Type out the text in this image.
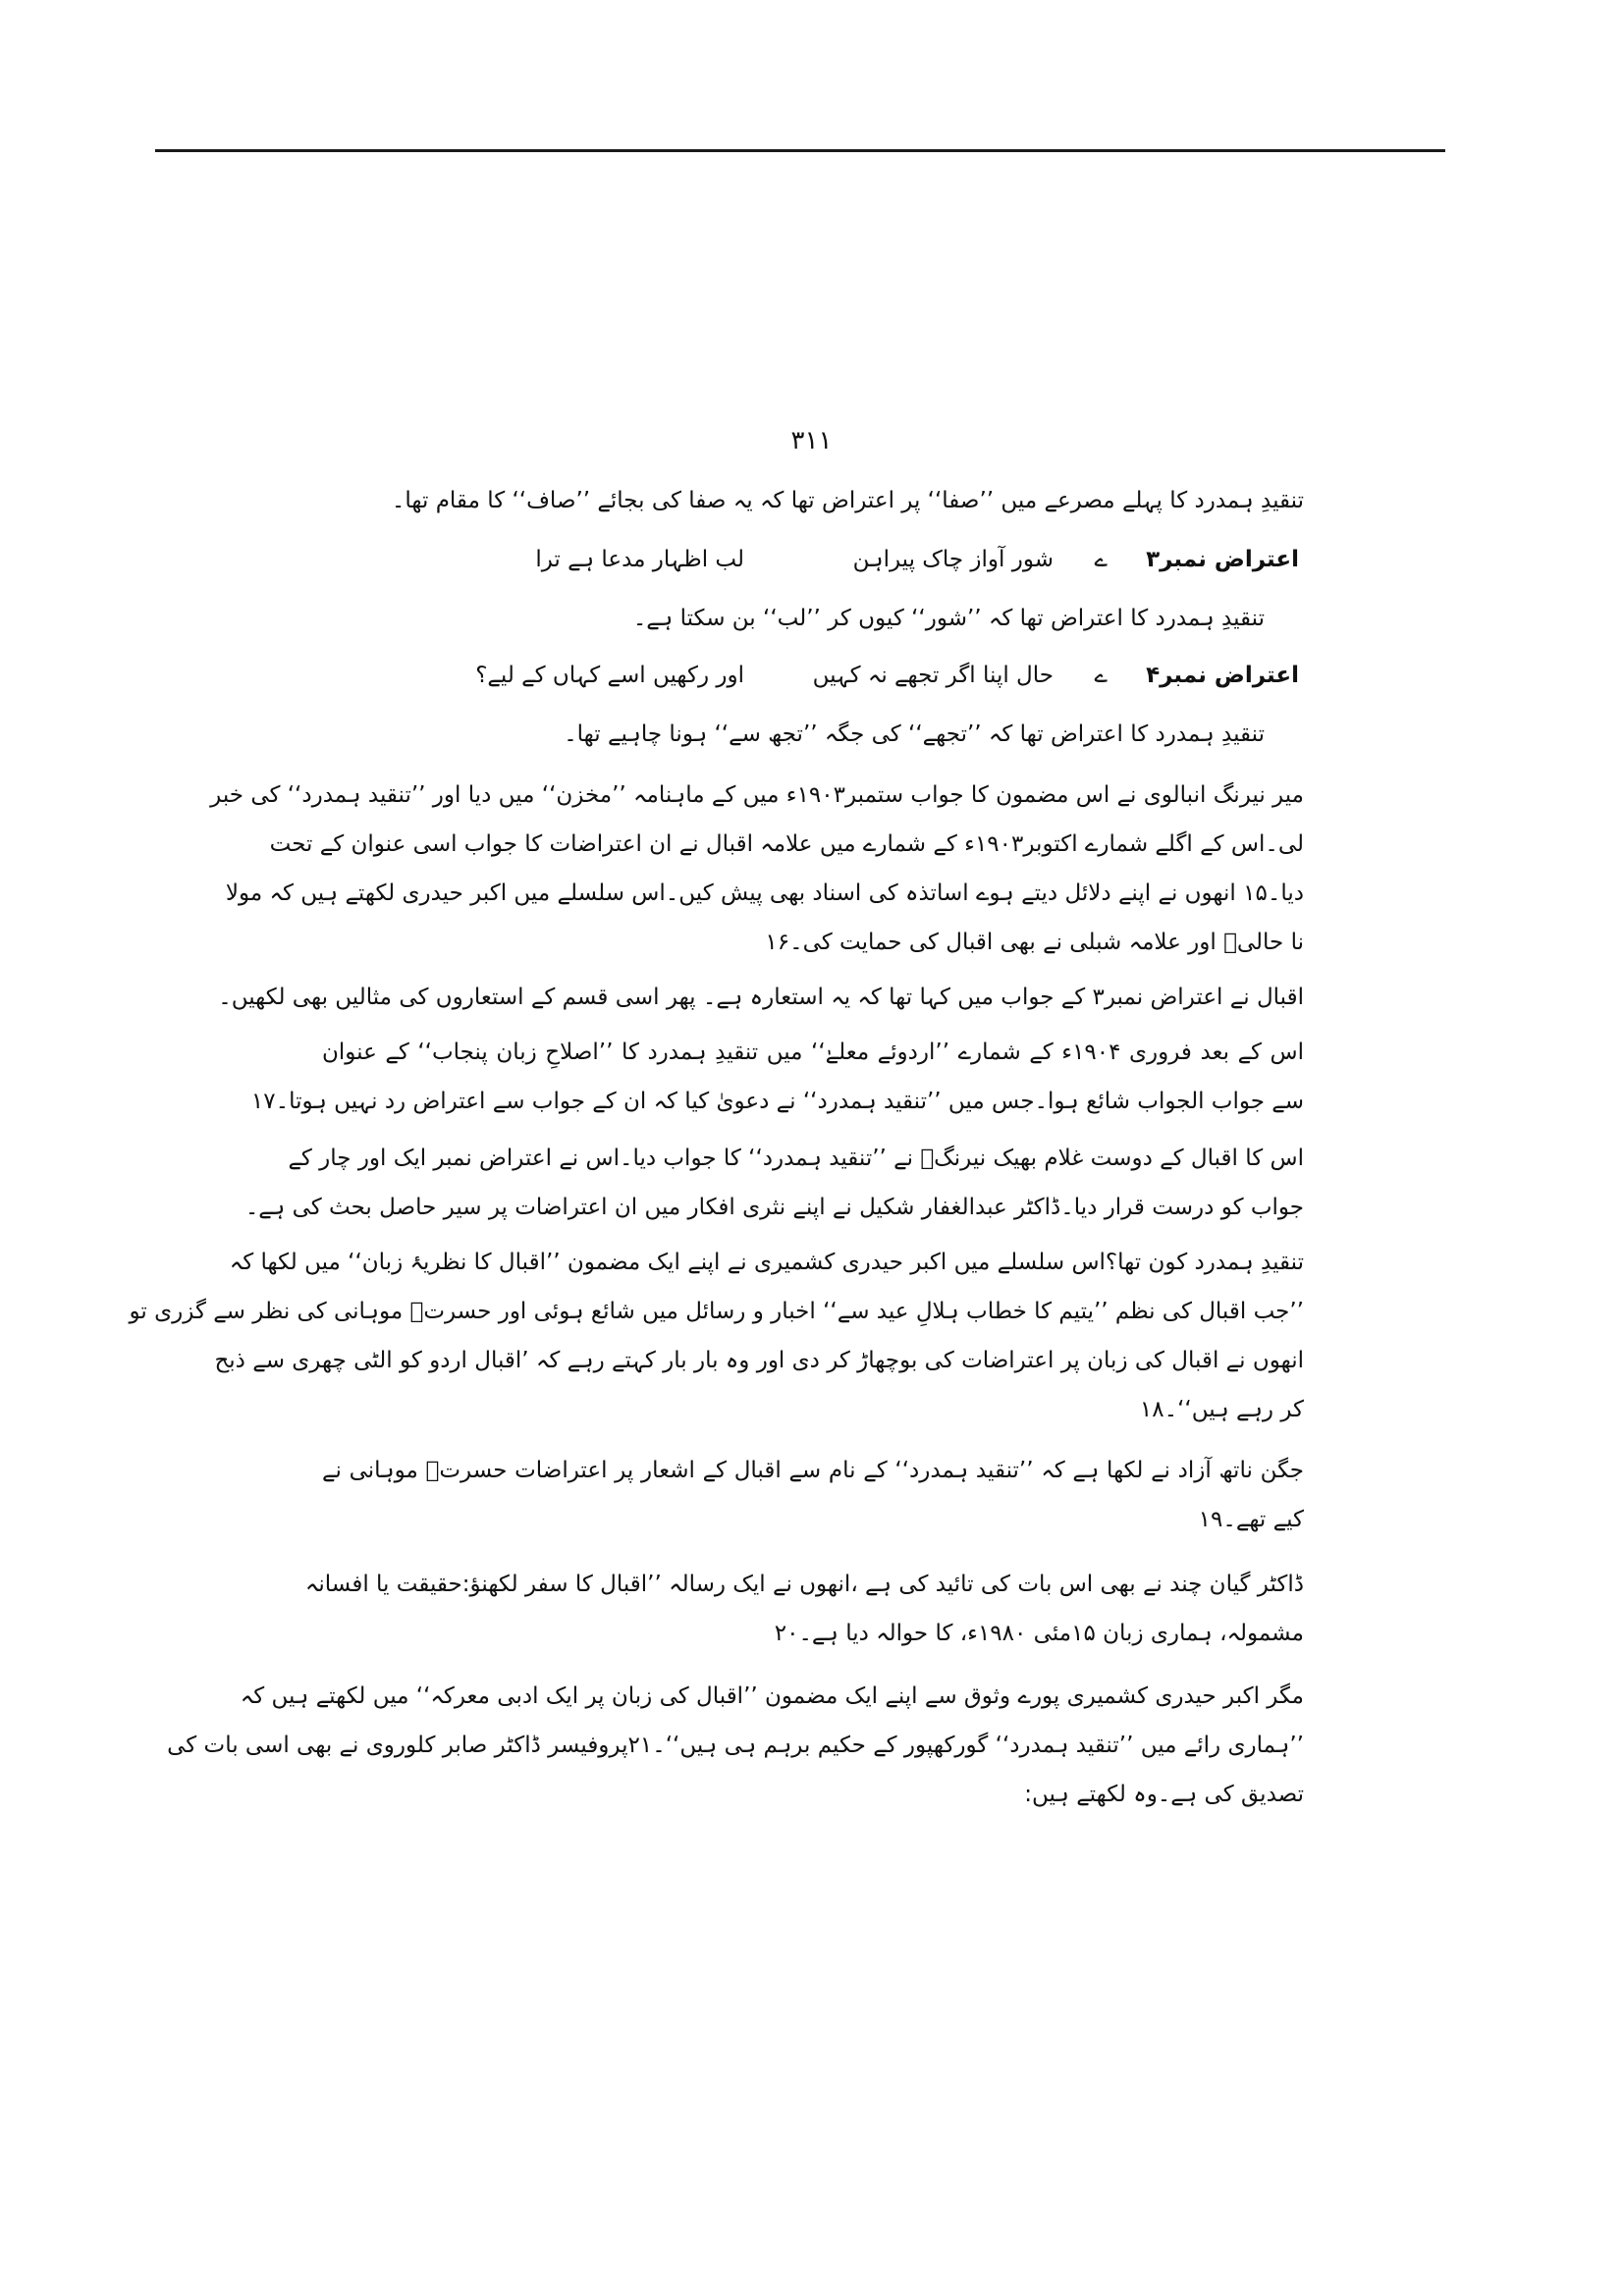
۳۱۱
تنقیدِ ہمدرد کا پہلے مصرعے میں ’’صفا‘‘ پر اعتراض تھا کہ یہ صفا کی بجائے ’’صاف‘‘ کا مقام تھا۔
اعتراض نمبر۳
ے
شور آواز چاک پیراہن
لب اظہار مدعا ہے ترا
تنقیدِ ہمدرد کا اعتراض تھا کہ ’’شور‘‘ کیوں کر ’’لب‘‘ بن سکتا ہے۔
اعتراض نمبر۴
ے
حال اپنا اگر تجھے نہ کہیں
اور رکھیں اسے کہاں کے لیے؟
تنقیدِ ہمدرد کا اعتراض تھا کہ ’’تجھے‘‘ کی جگہ ’’تجھ سے‘‘ ہونا چاہیے تھا۔
میر نیرنگ انبالوی نے اس مضمون کا جواب ستمبر۱۹۰۳ء میں کے ماہنامہ ’’مخزن‘‘ میں دیا اور ’’تنقید ہمدرد‘‘ کی خبر
لی۔اس کے اگلے شمارے اکتوبر۱۹۰۳ء کے شمارے میں علامہ اقبال نے ان اعتراضات کا جواب اسی عنوان کے تحت
دیا۔۱۵ انھوں نے اپنے دلائل دیتے ہوے اساتذہ کی اسناد بھی پیش کیں۔اس سلسلے میں اکبر حیدری لکھتے ہیں کہ مولا
نا حالیؔ اور علامہ شبلی نے بھی اقبال کی حمایت کی۔۱۶
اقبال نے اعتراض نمبر۳ کے جواب میں کہا تھا کہ یہ استعارہ ہے۔ پھر اسی قسم کے استعاروں کی مثالیں بھی لکھیں۔
اس کے بعد فروری ۱۹۰۴ء کے شمارے ’’اردوئے معلےٰ‘‘ میں تنقیدِ ہمدرد کا ’’اصلاحِ زبان پنجاب‘‘ کے عنوان
سے جواب الجواب شائع ہوا۔جس میں ’’تنقید ہمدرد‘‘ نے دعویٰ کیا کہ ان کے جواب سے اعتراض رد نہیں ہوتا۔۱۷
اس کا اقبال کے دوست غلام بھیک نیرنگؔ نے ’’تنقید ہمدرد‘‘ کا جواب دیا۔اس نے اعتراض نمبر ایک اور چار کے
جواب کو درست قرار دیا۔ڈاکٹر عبدالغفار شکیل نے اپنے نثری افکار میں ان اعتراضات پر سیر حاصل بحث کی ہے۔
تنقیدِ ہمدرد کون تھا؟اس سلسلے میں اکبر حیدری کشمیری نے اپنے ایک مضمون ’’اقبال کا نظریۂ زبان‘‘ میں لکھا کہ
’’جب اقبال کی نظم ’’یتیم کا خطاب ہلالِ عید سے‘‘ اخبار و رسائل میں شائع ہوئی اور حسرتؔ موہانی کی نظر سے گزری تو
انھوں نے اقبال کی زبان پر اعتراضات کی بوچھاڑ کر دی اور وہ بار بار کہتے رہے کہ ’اقبال اردو کو الٹی چھری سے ذبح
کر رہے ہیں‘‘۔۱۸
جگن ناتھ آزاد نے لکھا ہے کہ ’’تنقید ہمدرد‘‘ کے نام سے اقبال کے اشعار پر اعتراضات حسرتؔ موہانی نے
کیے تھے۔۱۹
ڈاکٹر گیان چند نے بھی اس بات کی تائید کی ہے ،انھوں نے ایک رسالہ ’’اقبال کا سفر لکھنؤ:حقیقت یا افسانہ
مشمولہ، ہماری زبان ۱۵مئی ۱۹۸۰ء، کا حوالہ دیا ہے۔۲۰
مگر اکبر حیدری کشمیری پورے وثوق سے اپنے ایک مضمون ’’اقبال کی زبان پر ایک ادبی معرکہ‘‘ میں لکھتے ہیں کہ
’’ہماری رائے میں ’’تنقید ہمدرد‘‘ گورکھپور کے حکیم برہم ہی ہیں‘‘۔۲۱پروفیسر ڈاکٹر صابر کلوروی نے بھی اسی بات کی
تصدیق کی ہے۔وہ لکھتے ہیں:
